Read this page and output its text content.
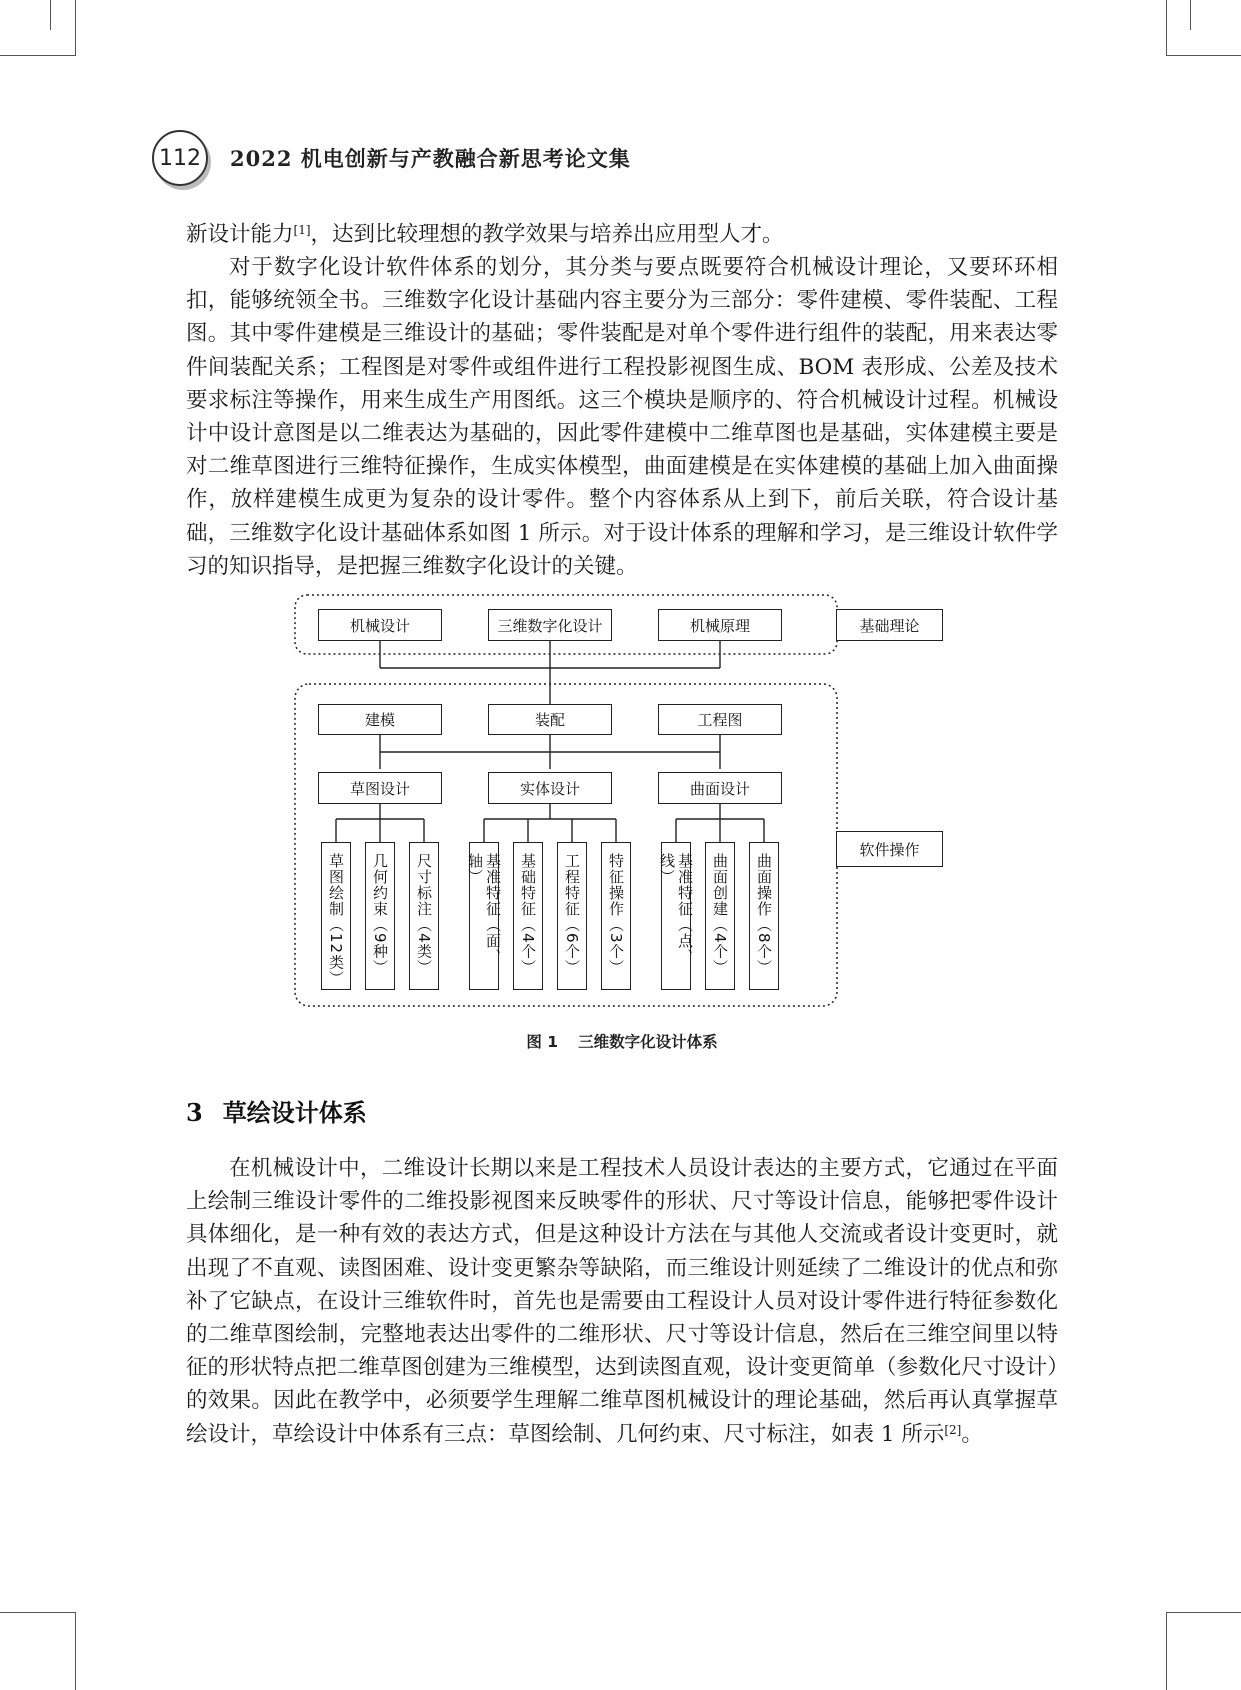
112	2022 机电创新与产教融合新思考论文集

新设计能力[1]，达到比较理想的教学效果与培养出应用型人才。

对于数字化设计软件体系的划分，其分类与要点既要符合机械设计理论，又要环环相扣，能够统领全书。三维数字化设计基础内容主要分为三部分：零件建模、零件装配、工程图。其中零件建模是三维设计的基础；零件装配是对单个零件进行组件的装配，用来表达零件间装配关系；工程图是对零件或组件进行工程投影视图生成、BOM 表形成、公差及技术要求标注等操作，用来生成生产用图纸。这三个模块是顺序的、符合机械设计过程。机械设计中设计意图是以二维表达为基础的，因此零件建模中二维草图也是基础，实体建模主要是对二维草图进行三维特征操作，生成实体模型，曲面建模是在实体建模的基础上加入曲面操作，放样建模生成更为复杂的设计零件。整个内容体系从上到下，前后关联，符合设计基础，三维数字化设计基础体系如图 1 所示。对于设计体系的理解和学习，是三维设计软件学习的知识指导，是把握三维数字化设计的关键。

机械设计	三维数字化设计	机械原理	基础理论
建模	装配	工程图
草图设计	实体设计	曲面设计
草图绘制（12类） 几何约束（9种） 尺寸标注（4类）	基准特征（面、轴）	基础特征（4个） 工程特征（6个） 特征操作（3个）	基准特征（点、线）	曲面创建（4个） 曲面操作（8个）
软件操作
图 1 三维数字化设计体系
3 草绘设计体系

在机械设计中，二维设计长期以来是工程技术人员设计表达的主要方式，它通过在平面上绘制三维设计零件的二维投影视图来反映零件的形状、尺寸等设计信息，能够把零件设计具体细化，是一种有效的表达方式，但是这种设计方法在与其他人交流或者设计变更时，就出现了不直观、读图困难、设计变更繁杂等缺陷，而三维设计则延续了二维设计的优点和弥补了它缺点，在设计三维软件时，首先也是需要由工程设计人员对设计零件进行特征参数化的二维草图绘制，完整地表达出零件的二维形状、尺寸等设计信息，然后在三维空间里以特征的形状特点把二维草图创建为三维模型，达到读图直观，设计变更简单（参数化尺寸设计）的效果。因此在教学中，必须要学生理解二维草图机械设计的理论基础，然后再认真掌握草绘设计，草绘设计中体系有三点：草图绘制、几何约束、尺寸标注，如表 1 所示[2]。
